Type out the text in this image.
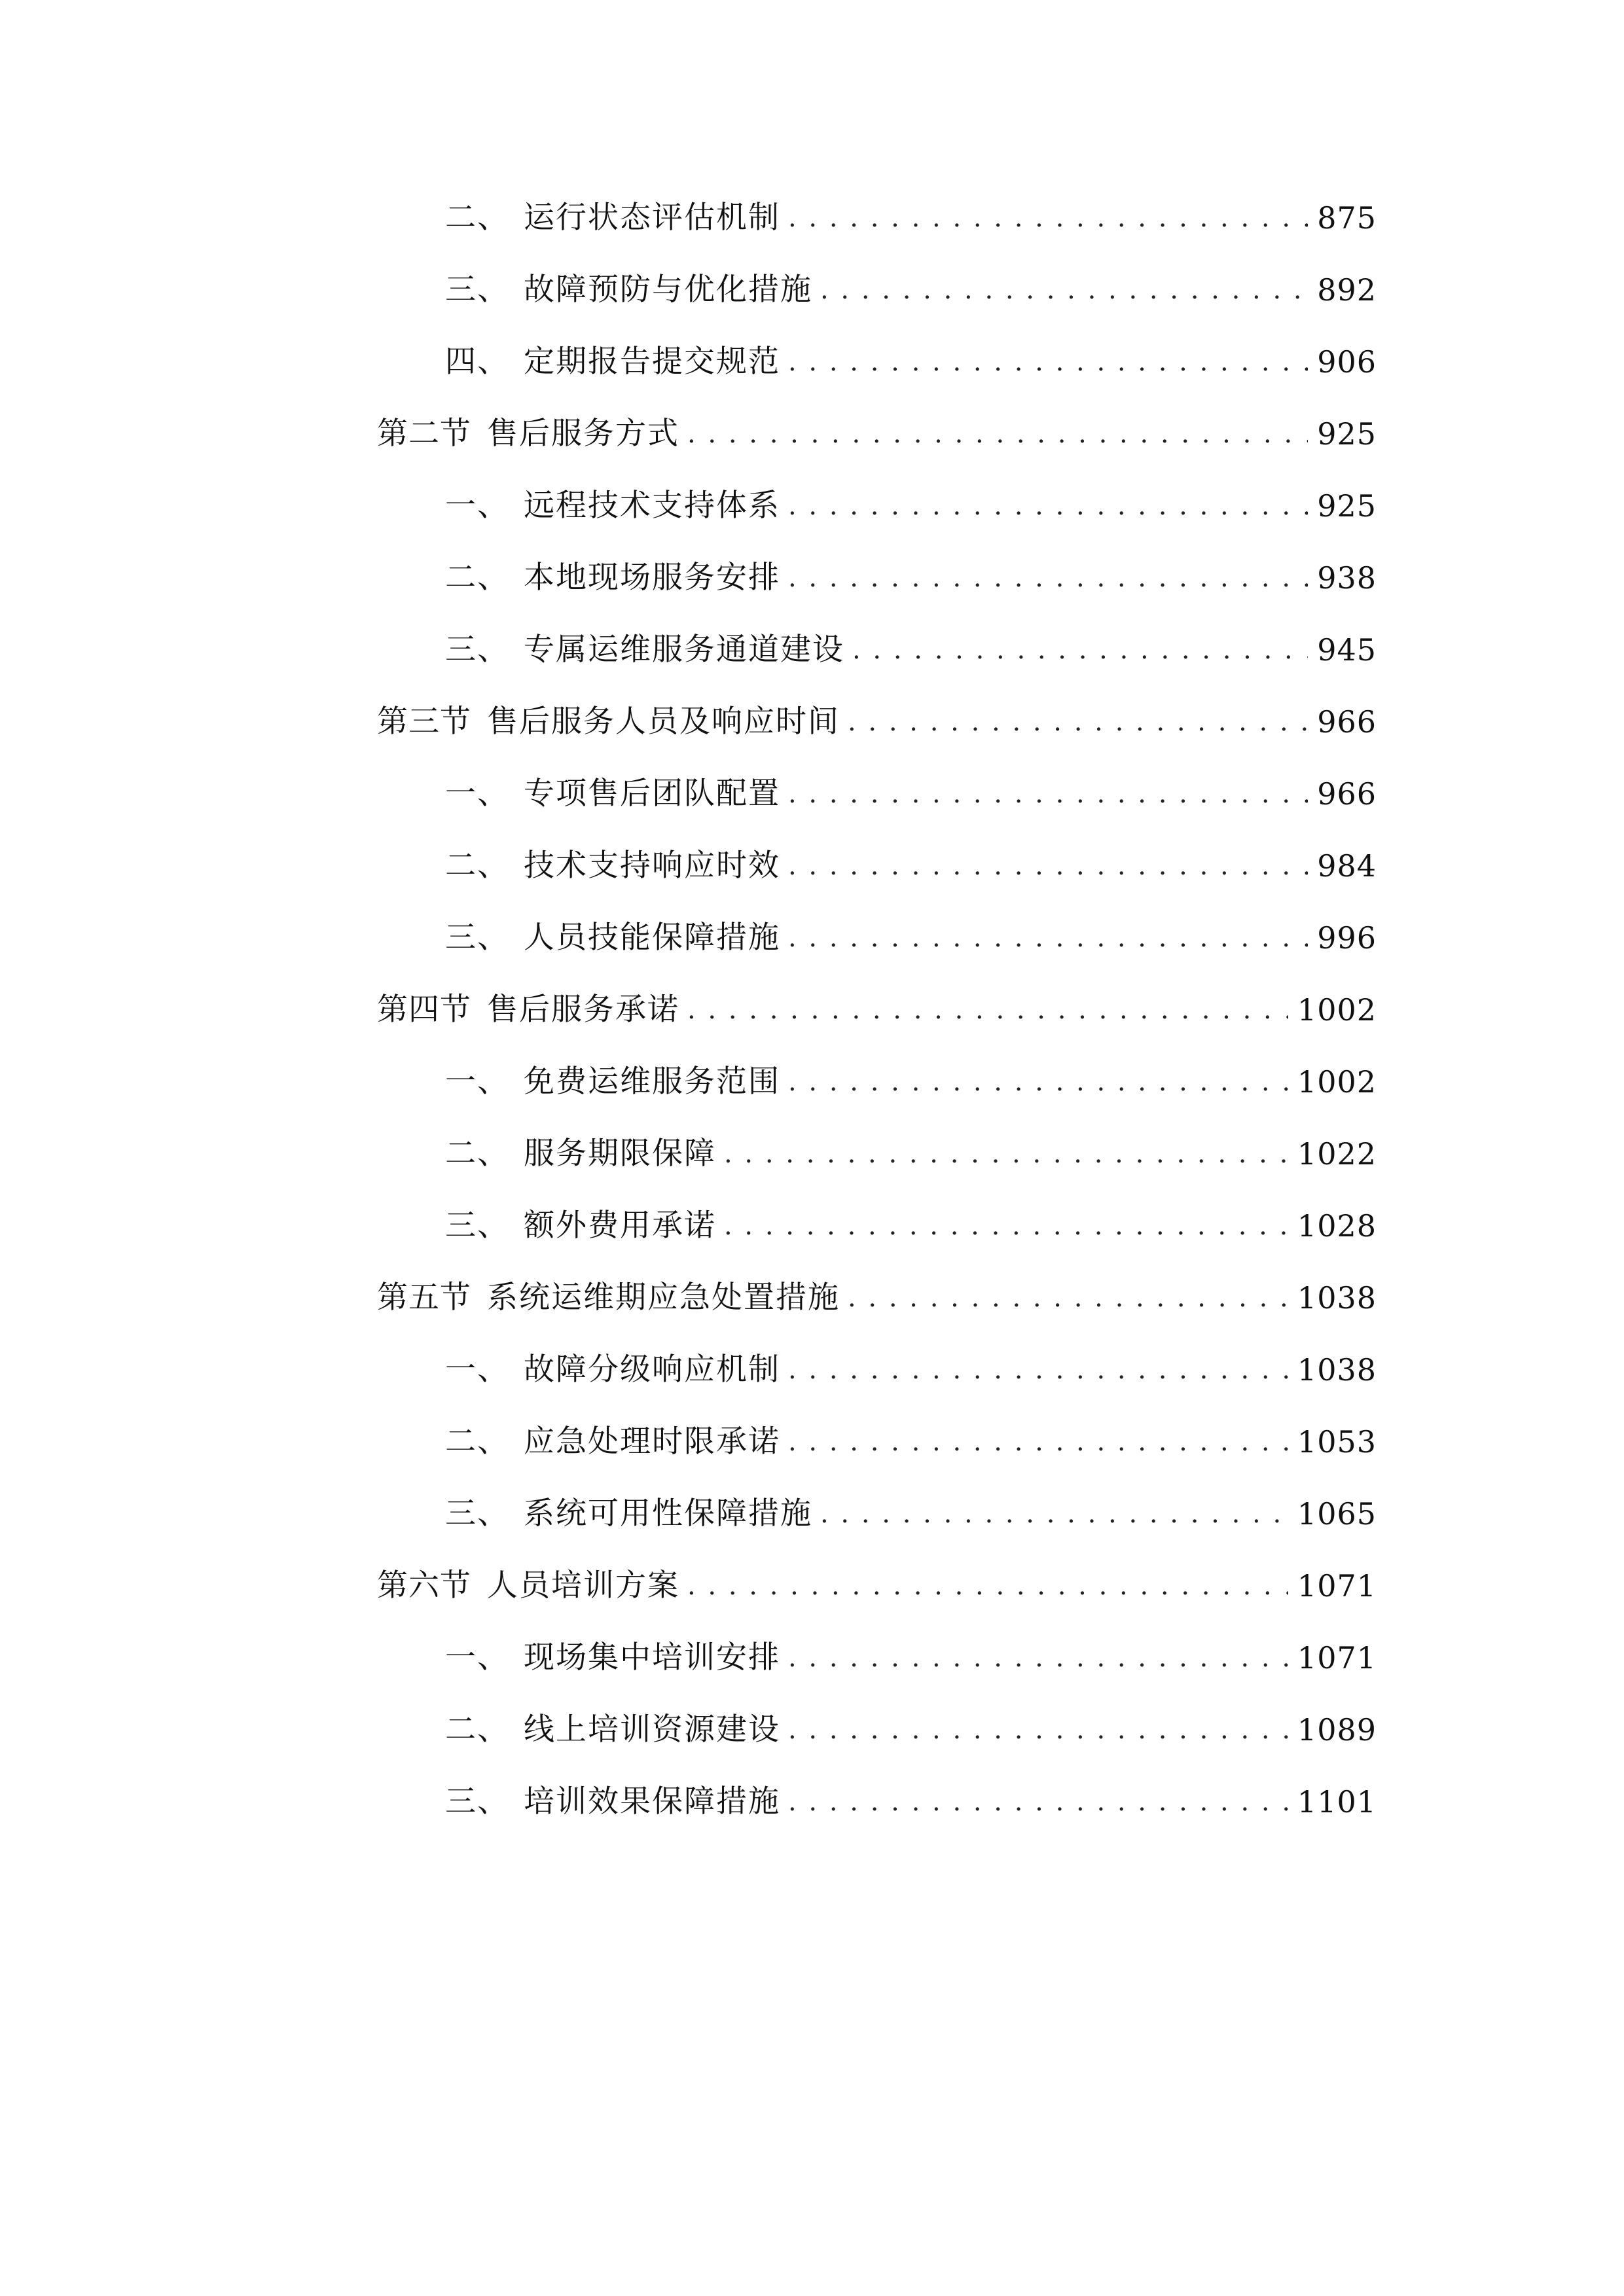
二、 运行状态评估机制 . . .	875
三、 故障预防与优化措施 . . .	892
四、 定期报告提交规范 . . .	906
第二节 售后服务方式 . . .	925
一、 远程技术支持体系 . . .	925
二、 本地现场服务安排 . . .	938
三、 专属运维服务通道建设 . . .	945
第三节 售后服务人员及响应时间 . . .	966
一、 专项售后团队配置 . . .	966
二、 技术支持响应时效 . . .	984
三、 人员技能保障措施 . . .	996
第四节 售后服务承诺 . . .	1002
一、 免费运维服务范围 . . .	1002
二、 服务期限保障 . . .	1022
三、 额外费用承诺 . . .	1028
第五节 系统运维期应急处置措施 . . .	1038
一、 故障分级响应机制 . . .	1038
二、 应急处理时限承诺 . . .	1053
三、 系统可用性保障措施 . . .	1065
第六节 人员培训方案 . . .	1071
一、 现场集中培训安排 . . .	1071
二、 线上培训资源建设 . . .	1089
三、 培训效果保障措施 . . .	1101
